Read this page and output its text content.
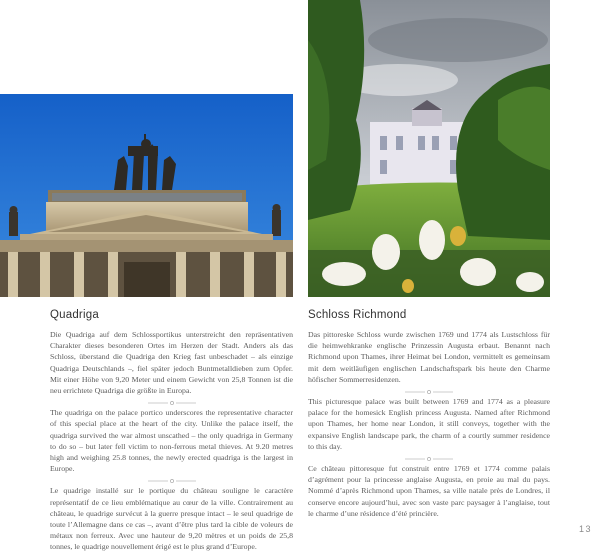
Quadriga

Die Quadriga auf dem Schlossportikus unterstreicht den repräsentativen Charakter dieses besonderen Ortes im Herzen der Stadt. Anders als das Schloss, überstand die Quadriga den Krieg fast unbeschadet – als einzige Quadriga Deutschlands –, fiel später jedoch Buntmetalldieben zum Opfer. Mit einer Höhe von 9,20 Meter und einem Gewicht von 25,8 Tonnen ist die neu errichtete Quadriga die größte in Europa.

The quadriga on the palace portico underscores the representative character of this special place at the heart of the city. Unlike the palace itself, the quadriga survived the war almost unscathed – the only quadriga in Germany to do so – but later fell victim to non-ferrous metal thieves. At 9.20 metres high and weighing 25.8 tonnes, the newly erected quadriga is the largest in Europe.

Le quadrige installé sur le portique du château souligne le caractère représentatif de ce lieu emblématique au cœur de la ville. Contrairement au château, le quadrige survécut à la guerre presque intact – le seul quadrige de toute l’Allemagne dans ce cas –, avant d’être plus tard la cible de voleurs de métaux non ferreux. Avec une hauteur de 9,20 mètres et un poids de 25,8 tonnes, le quadrige nouvellement érigé est le plus grand d’Europe.

Schloss Richmond

Das pittoreske Schloss wurde zwischen 1769 und 1774 als Lustschloss für die heimwehkranke englische Prinzessin Augusta erbaut. Benannt nach Richmond upon Thames, ihrer Heimat bei London, vermittelt es gemeinsam mit dem weitläufigen englischen Landschaftspark bis heute den Charme höfischer Sommerresidenzen.

This picturesque palace was built between 1769 and 1774 as a pleasure palace for the homesick English princess Augusta. Named after Richmond upon Thames, her home near London, it still conveys, together with the expansive English landscape park, the charm of a courtly summer residence to this day.

Ce château pittoresque fut construit entre 1769 et 1774 comme palais d’agrément pour la princesse anglaise Augusta, en proie au mal du pays. Nommé d’après Richmond upon Thames, sa ville natale près de Londres, il conserve encore aujourd’hui, avec son vaste parc paysager à l’anglaise, tout le charme d’une résidence d’été princière.

13
